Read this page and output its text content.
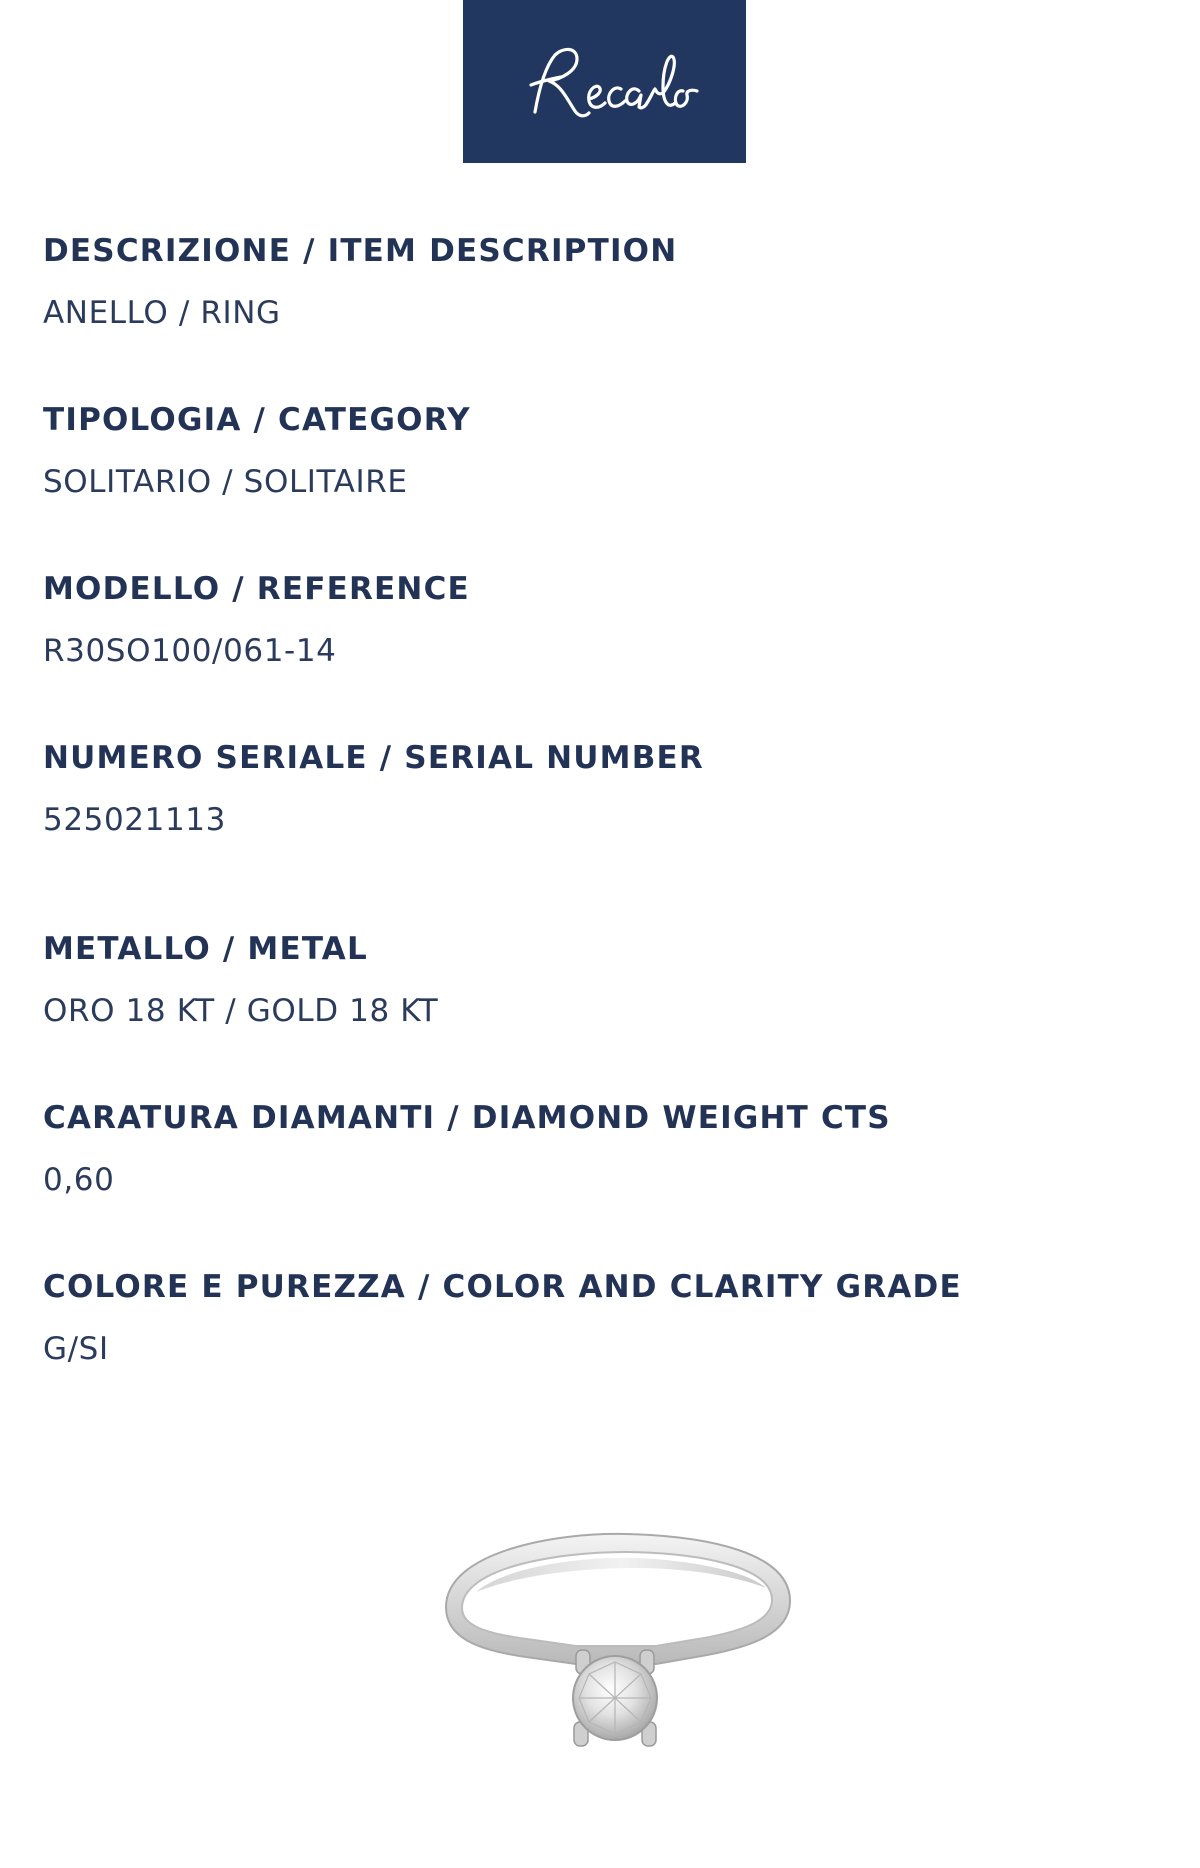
DESCRIZIONE / ITEM DESCRIPTION
ANELLO / RING
TIPOLOGIA / CATEGORY
SOLITARIO / SOLITAIRE
MODELLO / REFERENCE
R30SO100/061-14
NUMERO SERIALE / SERIAL NUMBER
525021113
METALLO / METAL
ORO 18 KT / GOLD 18 KT
CARATURA DIAMANTI / DIAMOND WEIGHT CTS
0,60
COLORE E PUREZZA / COLOR AND CLARITY GRADE
G/SI
